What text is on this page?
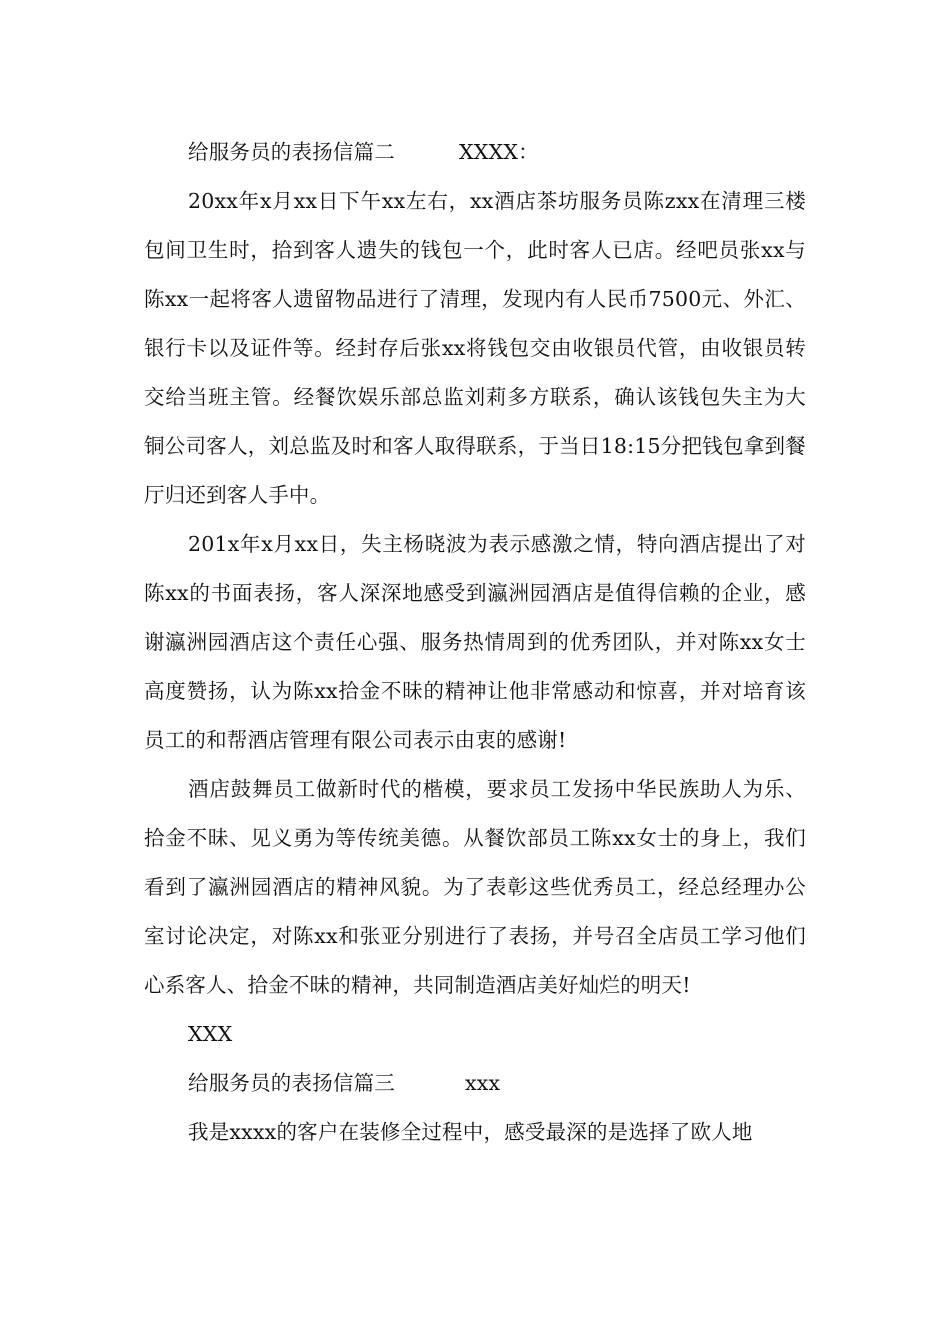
给服务员的表扬信篇二	XXXX：

20xx年x月xx日下午xx左右，xx酒店茶坊服务员陈zxx在清理三楼包间卫生时，拾到客人遗失的钱包一个，此时客人已店。经吧员张xx与陈xx一起将客人遗留物品进行了清理，发现内有人民币7500元、外汇、银行卡以及证件等。经封存后张xx将钱包交由收银员代管，由收银员转交给当班主管。经餐饮娱乐部总监刘莉多方联系，确认该钱包失主为大铜公司客人，刘总监及时和客人取得联系，于当日18:15分把钱包拿到餐厅归还到客人手中。

201x年x月xx日，失主杨晓波为表示感激之情，特向酒店提出了对陈xx的书面表扬，客人深深地感受到瀛洲园酒店是值得信赖的企业，感谢瀛洲园酒店这个责任心强、服务热情周到的优秀团队，并对陈xx女士高度赞扬，认为陈xx拾金不昧的精神让他非常感动和惊喜，并对培育该员工的和帮酒店管理有限公司表示由衷的感谢!

酒店鼓舞员工做新时代的楷模，要求员工发扬中华民族助人为乐、拾金不昧、见义勇为等传统美德。从餐饮部员工陈xx女士的身上，我们看到了瀛洲园酒店的精神风貌。为了表彰这些优秀员工，经总经理办公室讨论决定，对陈xx和张亚分别进行了表扬，并号召全店员工学习他们心系客人、拾金不昧的精神，共同制造酒店美好灿烂的明天!

XXX

给服务员的表扬信篇三	xxx

我是xxxx的客户在装修全过程中，感受最深的是选择了欧人地
